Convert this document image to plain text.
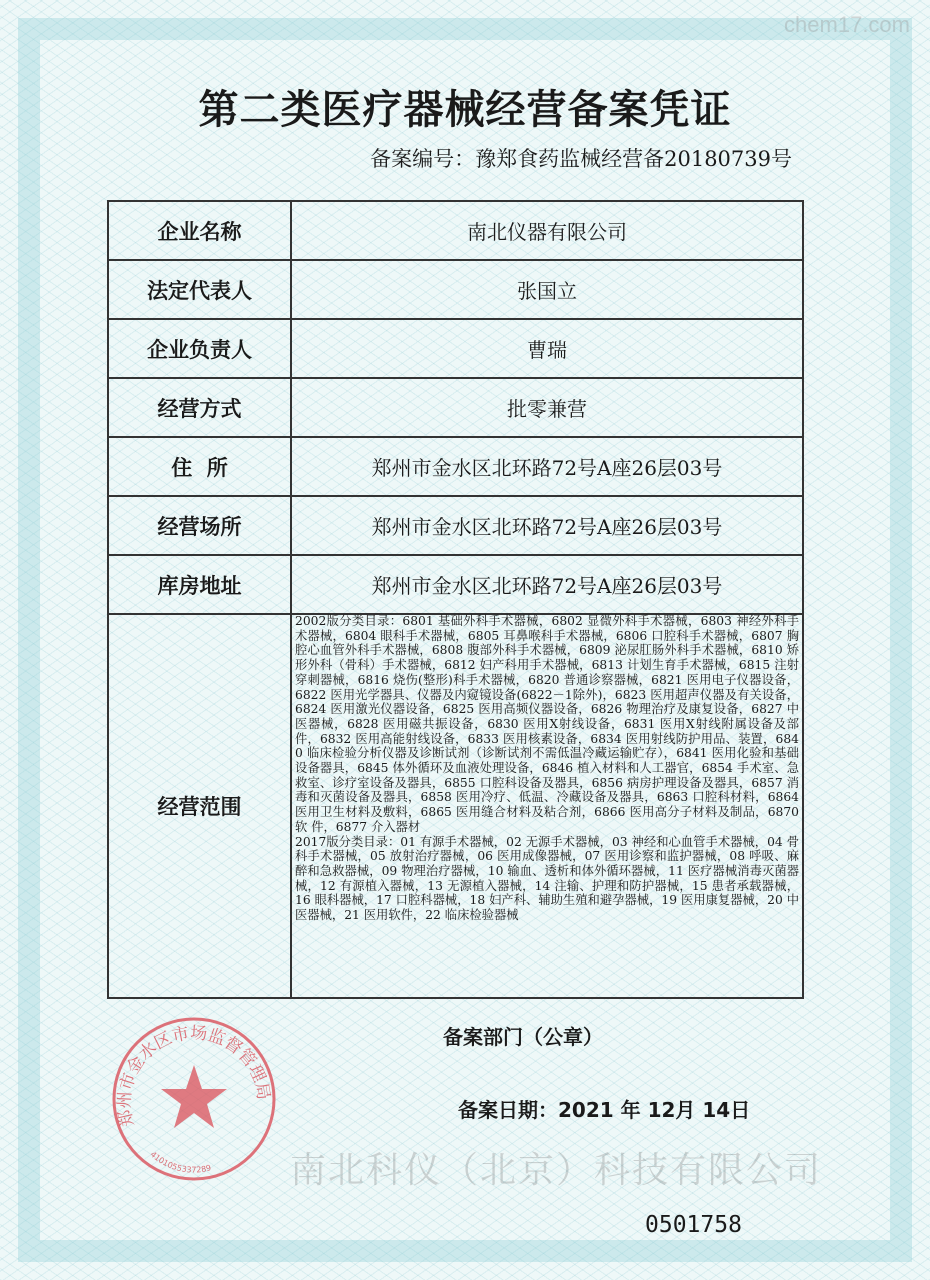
chem17.com
第二类医疗器械经营备案凭证
备案编号：豫郑食药监械经营备20180739号
企业名称	南北仪器有限公司
法定代表人	张国立
企业负责人	曹瑞
经营方式	批零兼营
住  所	郑州市金水区北环路72号A座26层03号
经营场所	郑州市金水区北环路72号A座26层03号
库房地址	郑州市金水区北环路72号A座26层03号
经营范围	2002版分类目录：6801 基础外科手术器械，6802 显微外科手术器械，6803 神经外科手术器械，6804 眼科手术器械，6805 耳鼻喉科手术器械，6806 口腔科手术器械，6807 胸腔心血管外科手术器械，6808 腹部外科手术器械，6809 泌尿肛肠外科手术器械，6810 矫形外科（骨科）手术器械，6812 妇产科用手术器械，6813 计划生育手术器械，6815 注射穿刺器械，6816 烧伤(整形)科手术器械，6820 普通诊察器械，6821 医用电子仪器设备，6822 医用光学器具、仪器及内窥镜设备(6822－1除外)，6823 医用超声仪器及有关设备，6824 医用激光仪器设备，6825 医用高频仪器设备，6826 物理治疗及康复设备，6827 中医器械，6828 医用磁共振设备，6830 医用X射线设备，6831 医用X射线附属设备及部件，6832 医用高能射线设备，6833 医用核素设备，6834 医用射线防护用品、装置，6840 临床检验分析仪器及诊断试剂（诊断试剂不需低温冷藏运输贮存），6841 医用化验和基础设备器具，6845 体外循环及血液处理设备，6846 植入材料和人工器官，6854 手术室、急救室、诊疗室设备及器具，6855 口腔科设备及器具，6856 病房护理设备及器具，6857 消毒和灭菌设备及器具，6858 医用冷疗、低温、冷藏设备及器具，6863 口腔科材料，6864 医用卫生材料及敷料，6865 医用缝合材料及粘合剂，6866 医用高分子材料及制品，6870 软 件，6877 介入器材
2017版分类目录：01 有源手术器械，02 无源手术器械，03 神经和心血管手术器械，04 骨科手术器械，05 放射治疗器械，06 医用成像器械，07 医用诊察和监护器械，08 呼吸、麻醉和急救器械，09 物理治疗器械，10 输血、透析和体外循环器械，11 医疗器械消毒灭菌器械，12 有源植入器械，13 无源植入器械，14 注输、护理和防护器械，15 患者承载器械，16 眼科器械，17 口腔科器械，18 妇产科、辅助生殖和避孕器械，19 医用康复器械，20 中医器械，21 医用软件，22 临床检验器械
备案部门（公章）
备案日期：2021 年 12月 14日
南北科仪（北京）科技有限公司
郑州市金水区市场监督管理局
4101055337289
0501758
